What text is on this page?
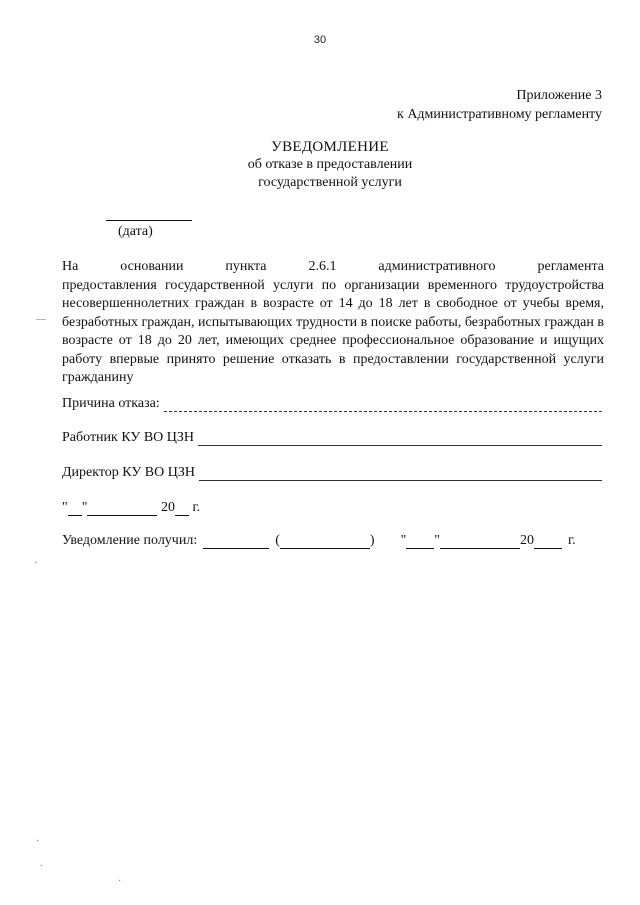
30
Приложение 3
к Административному регламенту
УВЕДОМЛЕНИЕ
об отказе в предоставлении
государственной услуги
(дата)
На основании пункта 2.6.1 административного регламента
предоставления государственной услуги по организации временного трудоустройства несовершеннолетних граждан в возрасте от 14 до 18 лет в свободное от учебы время, безработных граждан, испытывающих трудности в поиске работы, безработных граждан в возрасте от 18 до 20 лет, имеющих среднее профессиональное образование и ищущих работу впервые принято решение отказать в предоставлении государственной услуги гражданину
Причина отказа:
Работник КУ ВО ЦЗН
Директор КУ ВО ЦЗН
" "	20 г.
Уведомление получил:	(	) " "	20 г.
—
·
·
.
·
